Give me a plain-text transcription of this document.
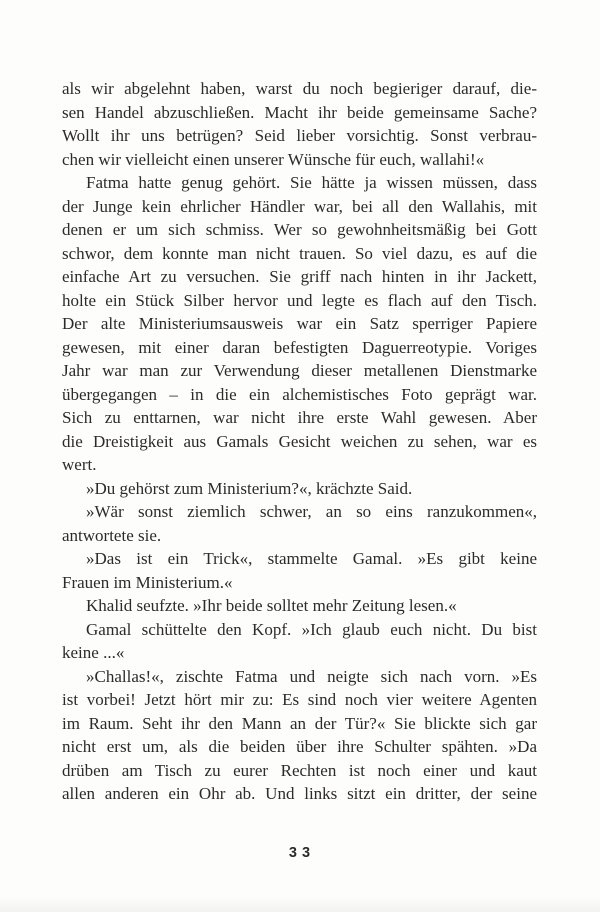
als wir abgelehnt haben, warst du noch begieriger darauf, die-
sen Handel abzuschließen. Macht ihr beide gemeinsame Sache?
Wollt ihr uns betrügen? Seid lieber vorsichtig. Sonst verbrau-
chen wir vielleicht einen unserer Wünsche für euch, wallahi!«
Fatma hatte genug gehört. Sie hätte ja wissen müssen, dass
der Junge kein ehrlicher Händler war, bei all den Wallahis, mit
denen er um sich schmiss. Wer so gewohnheitsmäßig bei Gott
schwor, dem konnte man nicht trauen. So viel dazu, es auf die
einfache Art zu versuchen. Sie griff nach hinten in ihr Jackett,
holte ein Stück Silber hervor und legte es flach auf den Tisch.
Der alte Ministeriumsausweis war ein Satz sperriger Papiere
gewesen, mit einer daran befestigten Daguerreotypie. Voriges
Jahr war man zur Verwendung dieser metallenen Dienstmarke
übergegangen – in die ein alchemistisches Foto geprägt war.
Sich zu enttarnen, war nicht ihre erste Wahl gewesen. Aber
die Dreistigkeit aus Gamals Gesicht weichen zu sehen, war es
wert.
»Du gehörst zum Ministerium?«, krächzte Said.
»Wär sonst ziemlich schwer, an so eins ranzukommen«,
antwortete sie.
»Das ist ein Trick«, stammelte Gamal. »Es gibt keine
Frauen im Ministerium.«
Khalid seufzte. »Ihr beide solltet mehr Zeitung lesen.«
Gamal schüttelte den Kopf. »Ich glaub euch nicht. Du bist
keine ...«
»Challas!«, zischte Fatma und neigte sich nach vorn. »Es
ist vorbei! Jetzt hört mir zu: Es sind noch vier weitere Agenten
im Raum. Seht ihr den Mann an der Tür?« Sie blickte sich gar
nicht erst um, als die beiden über ihre Schulter spähten. »Da
drüben am Tisch zu eurer Rechten ist noch einer und kaut
allen anderen ein Ohr ab. Und links sitzt ein dritter, der seine
33
